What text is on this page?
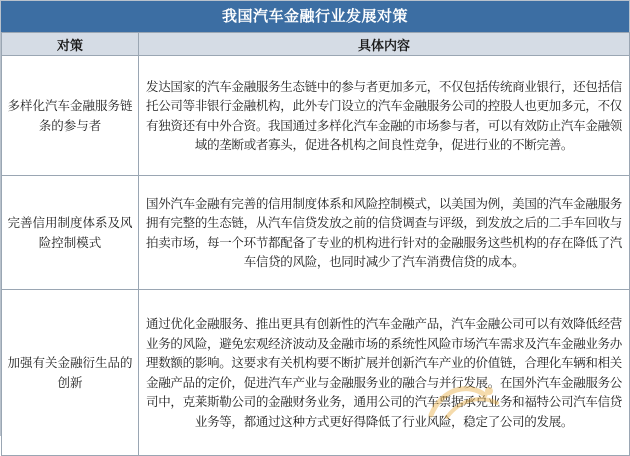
我国汽车金融行业发展对策
对策	具体内容
多样化汽车金融服务链条的参与者	发达国家的汽车金融服务生态链中的参与者更加多元，不仅包括传统商业银行，还包括信托公司等非银行金融机构，此外专门设立的汽车金融服务公司的控股人也更加多元，不仅有独资还有中外合资。我国通过多样化汽车金融的市场参与者，可以有效防止汽车金融领域的垄断或者寡头，促进各机构之间良性竞争，促进行业的不断完善。
完善信用制度体系及风险控制模式	国外汽车金融有完善的信用制度体系和风险控制模式，以美国为例，美国的汽车金融服务拥有完整的生态链，从汽车信贷发放之前的信贷调查与评级，到发放之后的二手车回收与拍卖市场，每一个环节都配备了专业的机构进行针对的金融服务这些机构的存在降低了汽车信贷的风险，也同时减少了汽车消费信贷的成本。
加强有关金融衍生品的创新	通过优化金融服务、推出更具有创新性的汽车金融产品，汽车金融公司可以有效降低经营业务的风险，避免宏观经济波动及金融市场的系统性风险市场汽车需求及汽车金融业务办理数额的影响。这要求有关机构要不断扩展并创新汽车产业的价值链，合理化车辆和相关金融产品的定价，促进汽车产业与金融服务业的融合与并行发展。在国外汽车金融服务公司中，克莱斯勒公司的金融财务业务，通用公司的汽车票据承兑业务和福特公司汽车信贷业务等，都通过这种方式更好得降低了行业风险，稳定了公司的发展。
